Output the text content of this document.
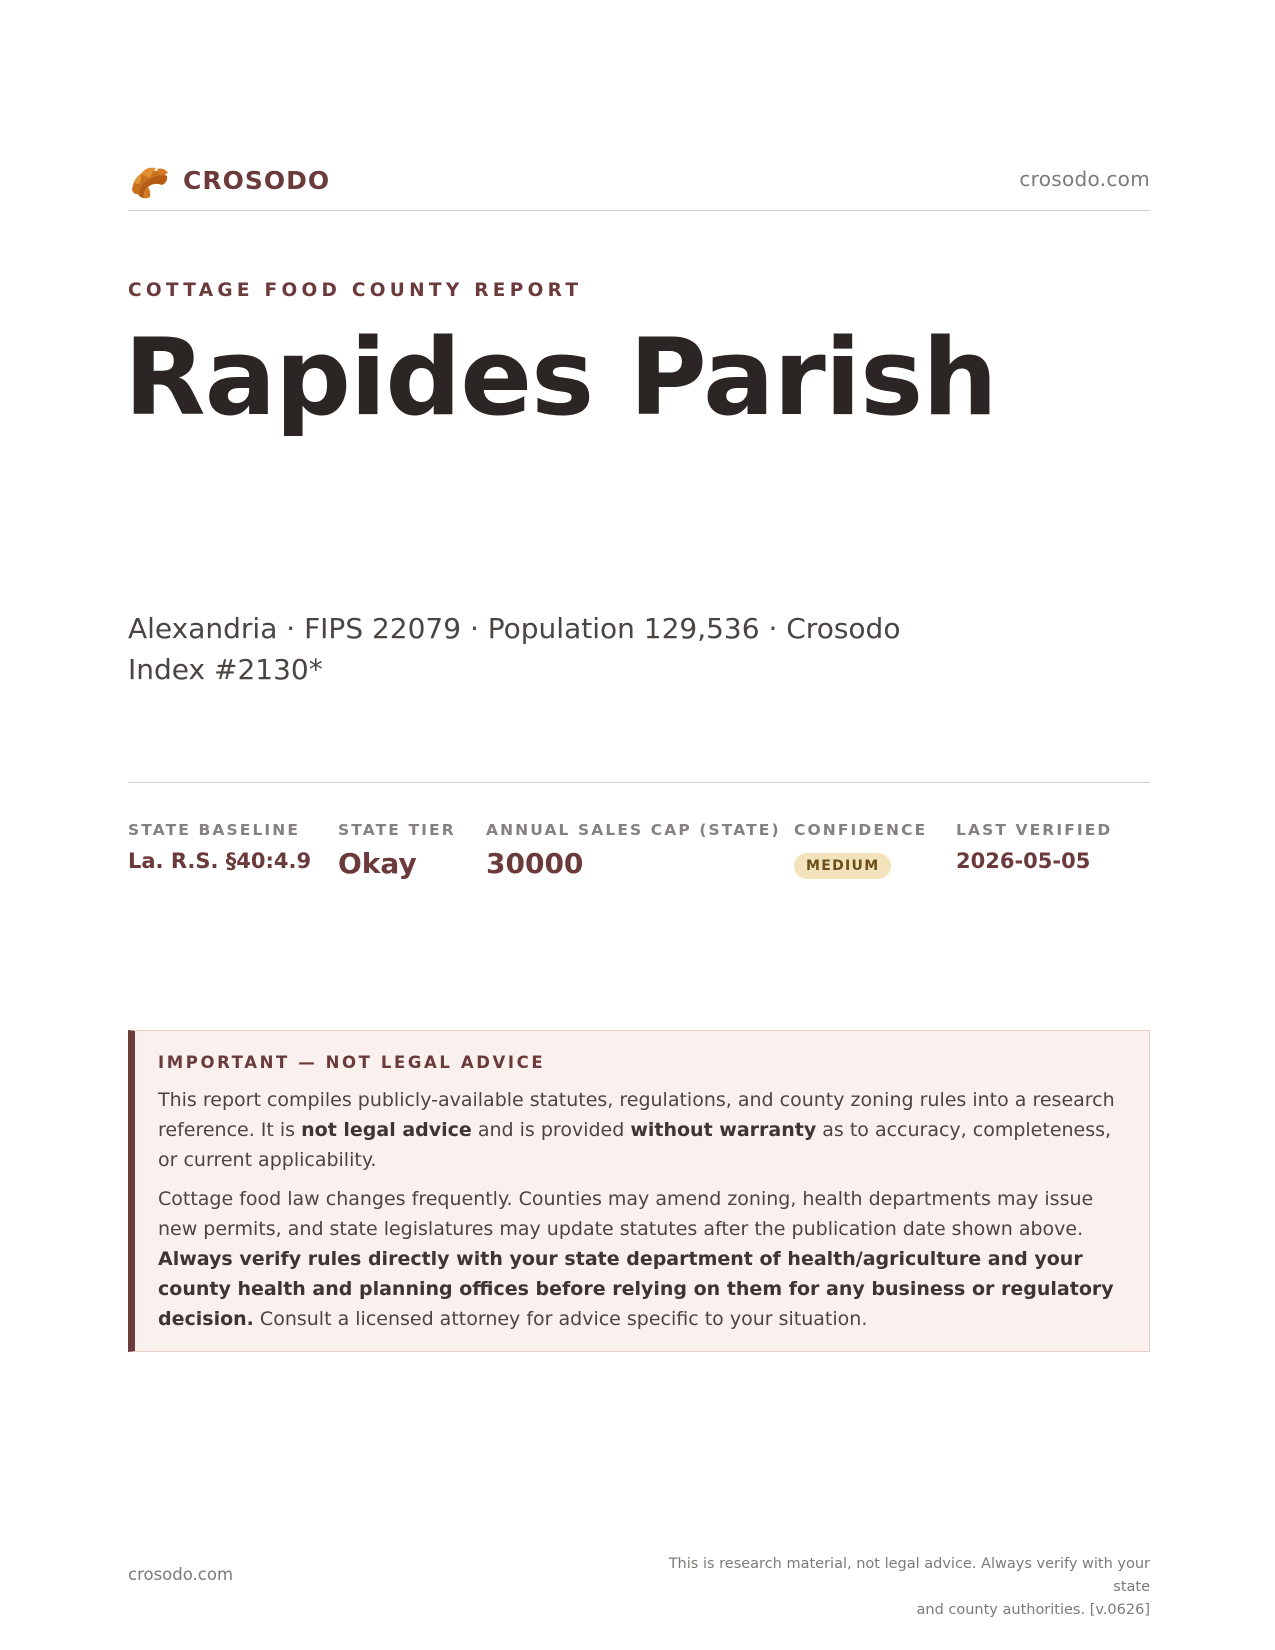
CROSODO	crosodo.com
COTTAGE FOOD COUNTY REPORT
Rapides Parish
Alexandria · FIPS 22079 · Population 129,536 · Crosodo Index #2130*
STATE BASELINE
La. R.S. §40:4.9
STATE TIER
Okay
ANNUAL SALES CAP (STATE)
30000
CONFIDENCE
MEDIUM
LAST VERIFIED
2026-05-05
IMPORTANT — NOT LEGAL ADVICE

This report compiles publicly-available statutes, regulations, and county zoning rules into a research reference. It is not legal advice and is provided without warranty as to accuracy, completeness, or current applicability.

Cottage food law changes frequently. Counties may amend zoning, health departments may issue new permits, and state legislatures may update statutes after the publication date shown above. Always verify rules directly with your state department of health/agriculture and your county health and planning offices before relying on them for any business or regulatory decision. Consult a licensed attorney for advice specific to your situation.

crosodo.com
This is research material, not legal advice. Always verify with your state
and county authorities. [v.0626]
